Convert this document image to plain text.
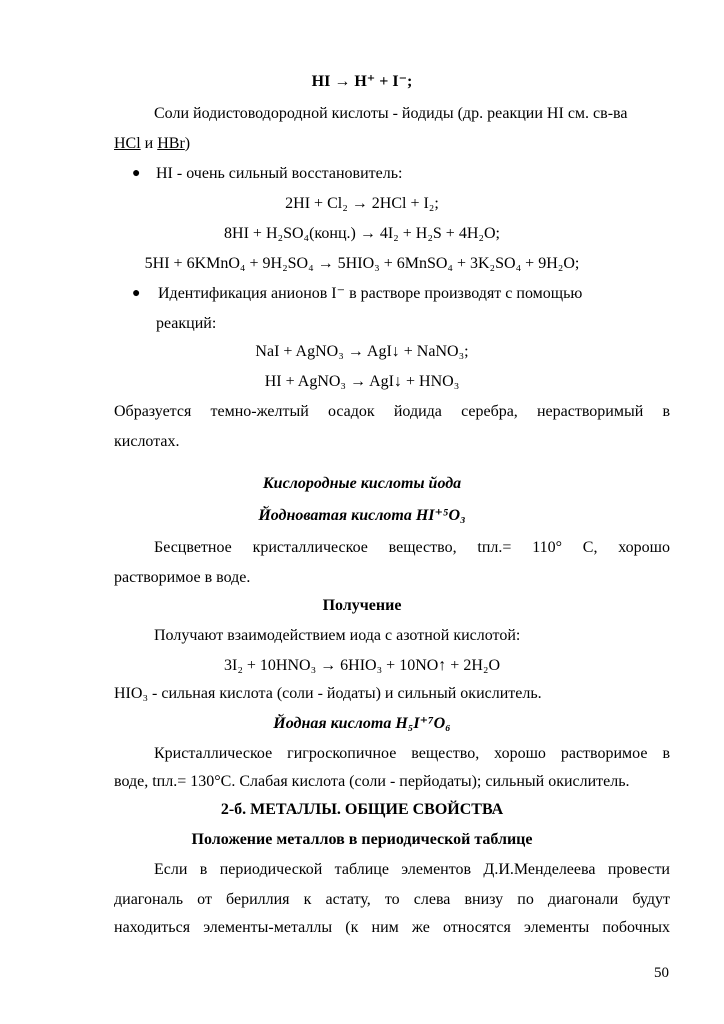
HI → H⁺ + I⁻;
Соли йодистоводородной кислоты - йодиды (др. реакции HI см. св-ва
HCl и HBr)
● HI - очень сильный восстановитель:
2HI + Cl₂ → 2HCl + I₂;
8HI + H₂SO₄(конц.) → 4I₂ + H₂S + 4H₂O;
5HI + 6KMnO₄ + 9H₂SO₄ → 5HIO₃ + 6MnSO₄ + 3K₂SO₄ + 9H₂O;
● Идентификация анионов I⁻ в растворе производят с помощью
реакций:
NaI + AgNO₃ → AgI↓ + NaNO₃;
HI + AgNO₃ → AgI↓ + HNO₃
Образуется темно-желтый осадок йодида серебра, нерастворимый в
кислотах.
Кислородные кислоты йода
Йодноватая кислота HI⁺⁵O₃
Бесцветное кристаллическое вещество, tпл.= 110° С, хорошо
растворимое в воде.
Получение
Получают взаимодействием иода с азотной кислотой:
3I₂ + 10HNO₃ → 6HIO₃ + 10NO↑ + 2H₂O
HIO₃ - сильная кислота (соли - йодаты) и сильный окислитель.
Йодная кислота H₅I⁺⁷O₆
Кристаллическое гигроскопичное вещество, хорошо растворимое в
воде, tпл.= 130°С. Слабая кислота (соли - перйодаты); сильный окислитель.
2-б. МЕТАЛЛЫ. ОБЩИЕ СВОЙСТВА
Положение металлов в периодической таблице
Если в периодической таблице элементов Д.И.Менделеева провести
диагональ от бериллия к астату, то слева внизу по диагонали будут
находиться элементы-металлы (к ним же относятся элементы побочных
50
